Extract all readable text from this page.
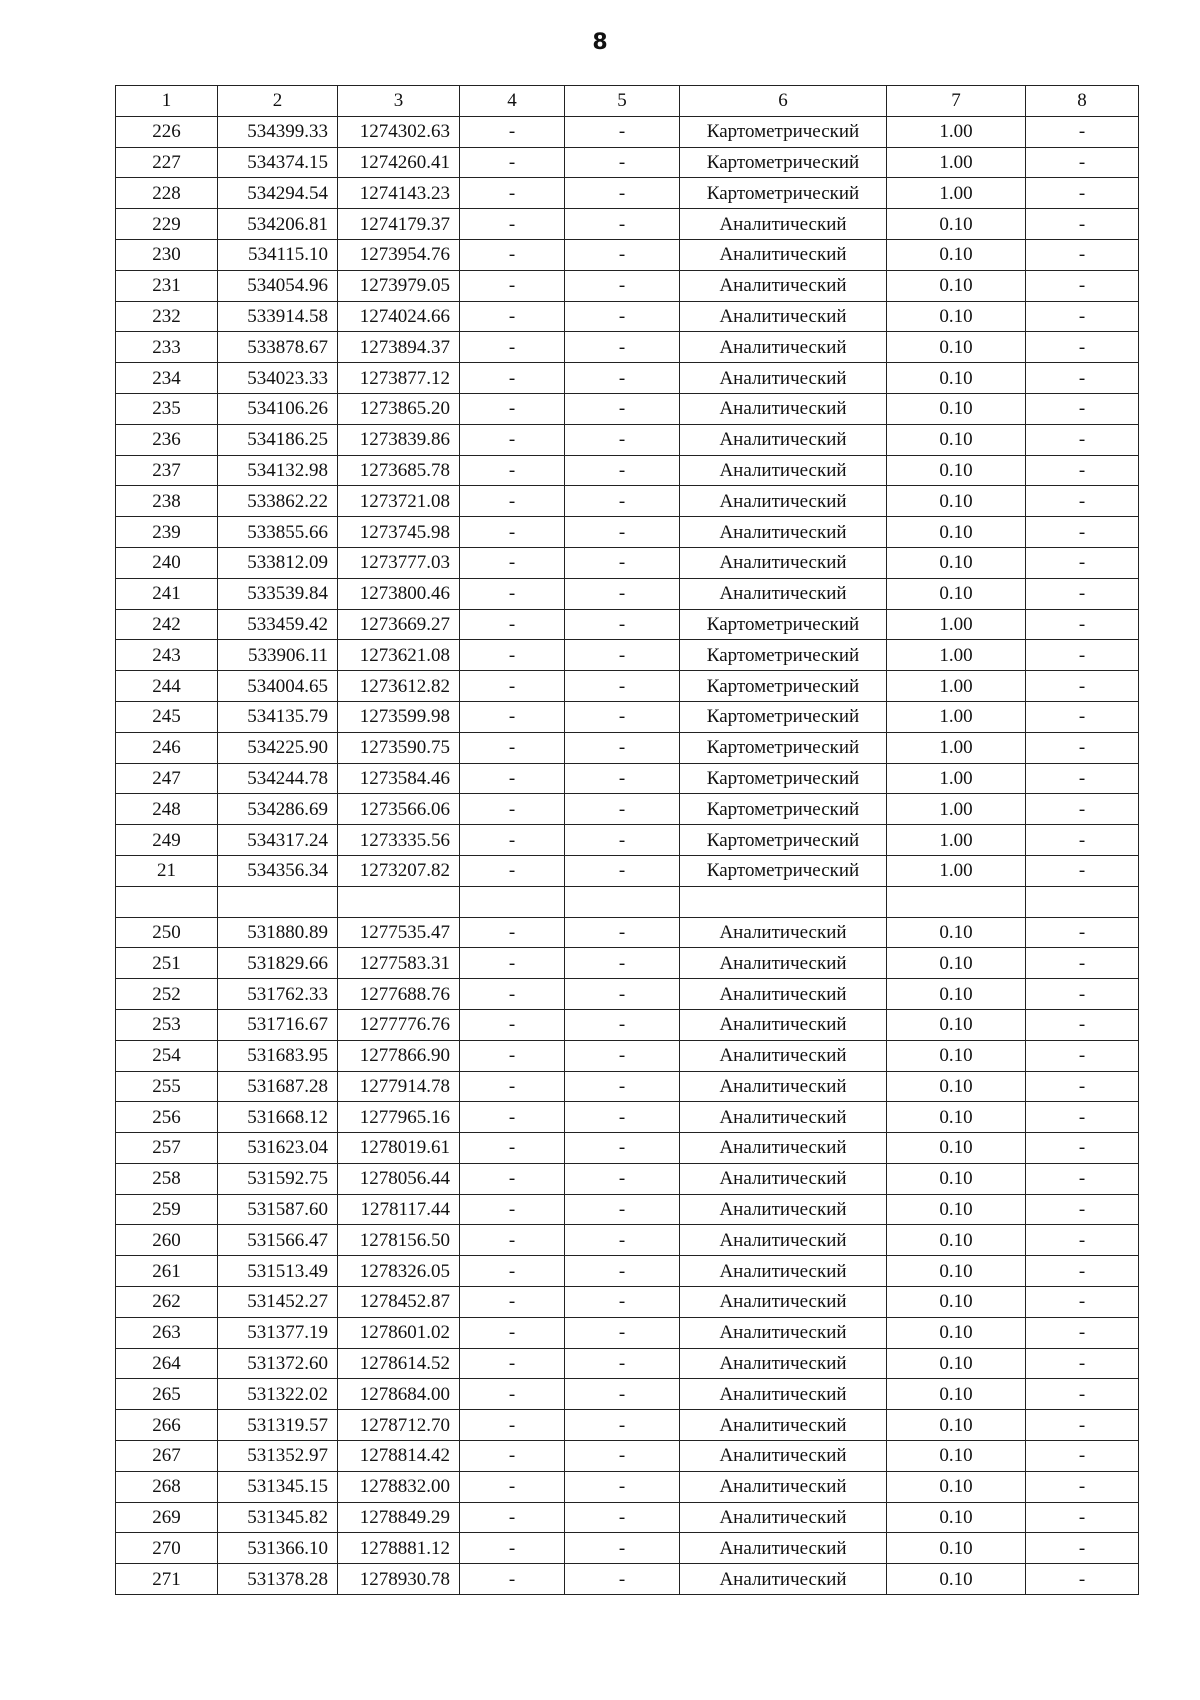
8
1	2	3	4	5	6	7	8
226	534399.33	1274302.63	-	-	Картометрический	1.00	-
227	534374.15	1274260.41	-	-	Картометрический	1.00	-
228	534294.54	1274143.23	-	-	Картометрический	1.00	-
229	534206.81	1274179.37	-	-	Аналитический	0.10	-
230	534115.10	1273954.76	-	-	Аналитический	0.10	-
231	534054.96	1273979.05	-	-	Аналитический	0.10	-
232	533914.58	1274024.66	-	-	Аналитический	0.10	-
233	533878.67	1273894.37	-	-	Аналитический	0.10	-
234	534023.33	1273877.12	-	-	Аналитический	0.10	-
235	534106.26	1273865.20	-	-	Аналитический	0.10	-
236	534186.25	1273839.86	-	-	Аналитический	0.10	-
237	534132.98	1273685.78	-	-	Аналитический	0.10	-
238	533862.22	1273721.08	-	-	Аналитический	0.10	-
239	533855.66	1273745.98	-	-	Аналитический	0.10	-
240	533812.09	1273777.03	-	-	Аналитический	0.10	-
241	533539.84	1273800.46	-	-	Аналитический	0.10	-
242	533459.42	1273669.27	-	-	Картометрический	1.00	-
243	533906.11	1273621.08	-	-	Картометрический	1.00	-
244	534004.65	1273612.82	-	-	Картометрический	1.00	-
245	534135.79	1273599.98	-	-	Картометрический	1.00	-
246	534225.90	1273590.75	-	-	Картометрический	1.00	-
247	534244.78	1273584.46	-	-	Картометрический	1.00	-
248	534286.69	1273566.06	-	-	Картометрический	1.00	-
249	534317.24	1273335.56	-	-	Картометрический	1.00	-
21	534356.34	1273207.82	-	-	Картометрический	1.00	-

250	531880.89	1277535.47	-	-	Аналитический	0.10	-
251	531829.66	1277583.31	-	-	Аналитический	0.10	-
252	531762.33	1277688.76	-	-	Аналитический	0.10	-
253	531716.67	1277776.76	-	-	Аналитический	0.10	-
254	531683.95	1277866.90	-	-	Аналитический	0.10	-
255	531687.28	1277914.78	-	-	Аналитический	0.10	-
256	531668.12	1277965.16	-	-	Аналитический	0.10	-
257	531623.04	1278019.61	-	-	Аналитический	0.10	-
258	531592.75	1278056.44	-	-	Аналитический	0.10	-
259	531587.60	1278117.44	-	-	Аналитический	0.10	-
260	531566.47	1278156.50	-	-	Аналитический	0.10	-
261	531513.49	1278326.05	-	-	Аналитический	0.10	-
262	531452.27	1278452.87	-	-	Аналитический	0.10	-
263	531377.19	1278601.02	-	-	Аналитический	0.10	-
264	531372.60	1278614.52	-	-	Аналитический	0.10	-
265	531322.02	1278684.00	-	-	Аналитический	0.10	-
266	531319.57	1278712.70	-	-	Аналитический	0.10	-
267	531352.97	1278814.42	-	-	Аналитический	0.10	-
268	531345.15	1278832.00	-	-	Аналитический	0.10	-
269	531345.82	1278849.29	-	-	Аналитический	0.10	-
270	531366.10	1278881.12	-	-	Аналитический	0.10	-
271	531378.28	1278930.78	-	-	Аналитический	0.10	-
